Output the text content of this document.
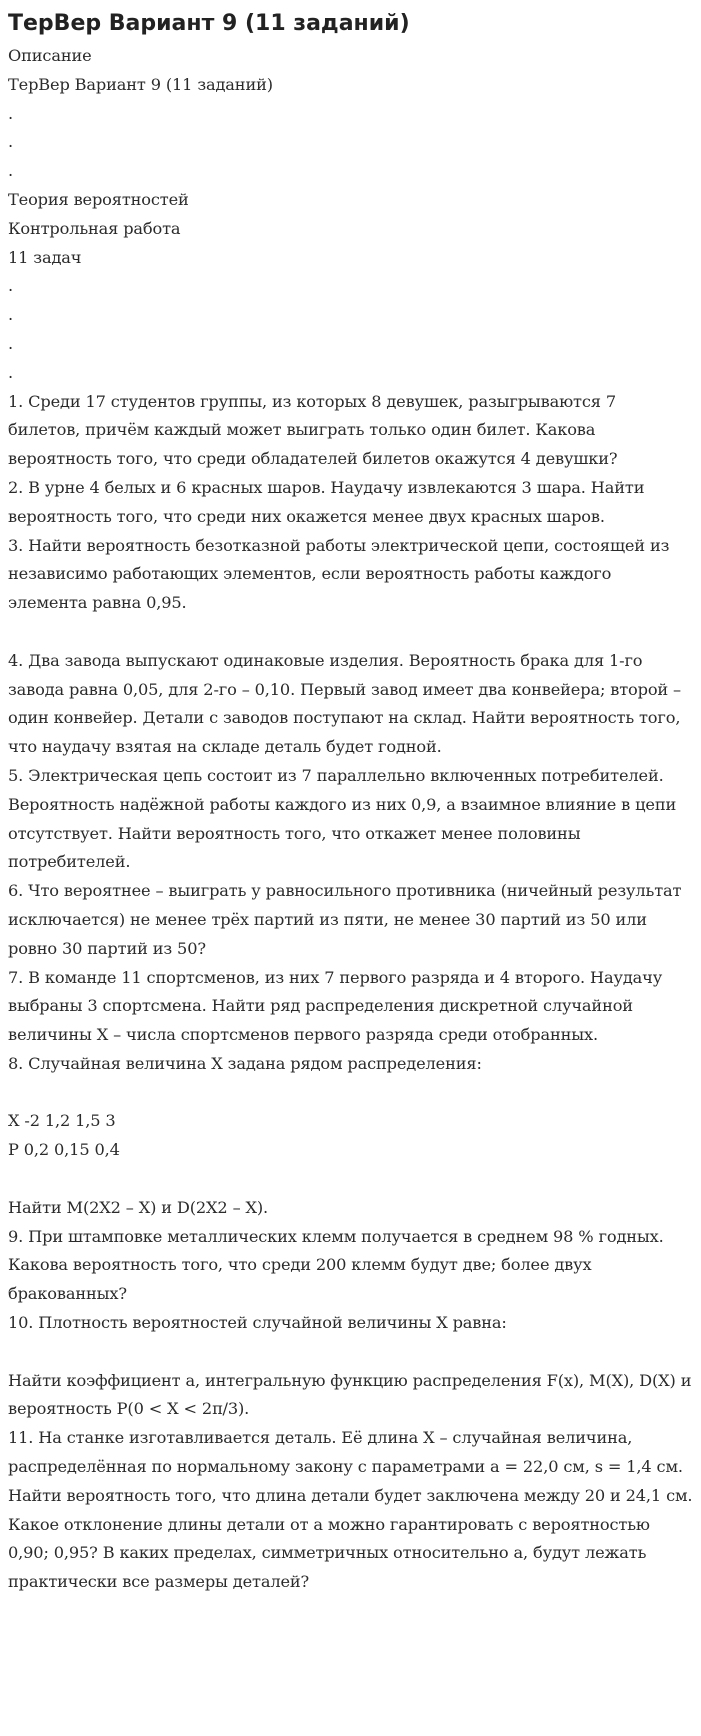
ТерВер Вариант 9 (11 заданий)

Описание

ТерВер Вариант 9 (11 заданий)

.

.

.

Теория вероятностей

Контрольная работа

11 задач

.

.

.

.

1. Среди 17 студентов группы, из которых 8 девушек, разыгрываются 7 билетов, причём каждый может выиграть только один билет. Какова вероятность того, что среди обладателей билетов окажутся 4 девушки?

2. В урне 4 белых и 6 красных шаров. Наудачу извлекаются 3 шара. Найти вероятность того, что среди них окажется менее двух красных шаров.

3. Найти вероятность безотказной работы электрической цепи, состоящей из независимо работающих элементов, если вероятность работы каждого элемента равна 0,95.

4. Два завода выпускают одинаковые изделия. Вероятность брака для 1-го завода равна 0,05, для 2-го – 0,10. Первый завод имеет два конвейера; второй – один конвейер. Детали с заводов поступают на склад. Найти вероятность того, что наудачу взятая на складе деталь будет годной.

5. Электрическая цепь состоит из 7 параллельно включенных потребителей. Вероятность надёжной работы каждого из них 0,9, а взаимное влияние в цепи отсутствует. Найти вероятность того, что откажет менее половины потребителей.

6. Что вероятнее – выиграть у равносильного противника (ничейный результат исключается) не менее трёх партий из пяти, не менее 30 партий из 50 или ровно 30 партий из 50?

7. В команде 11 спортсменов, из них 7 первого разряда и 4 второго. Наудачу выбраны 3 спортсмена. Найти ряд распределения дискретной случайной величины Х – числа спортсменов первого разряда среди отобранных.

8. Случайная величина Х задана рядом распределения:

X -2 1,2 1,5 3

P 0,2 0,15 0,4

Найти M(2X2 – X) и D(2X2 – X).

9. При штамповке металлических клемм получается в среднем 98 % годных. Какова вероятность того, что среди 200 клемм будут две; более двух бракованных?

10. Плотность вероятностей случайной величины Х равна:

Найти коэффициент a, интегральную функцию распределения F(x), M(X), D(X) и вероятность P(0 < X < 2π/3).

11. На станке изготавливается деталь. Её длина Х – случайная величина, распределённая по нормальному закону с параметрами а = 22,0 см, s = 1,4 см. Найти вероятность того, что длина детали будет заключена между 20 и 24,1 см. Какое отклонение длины детали от а можно гарантировать с вероятностью 0,90; 0,95? В каких пределах, симметричных относительно а, будут лежать практически все размеры деталей?
